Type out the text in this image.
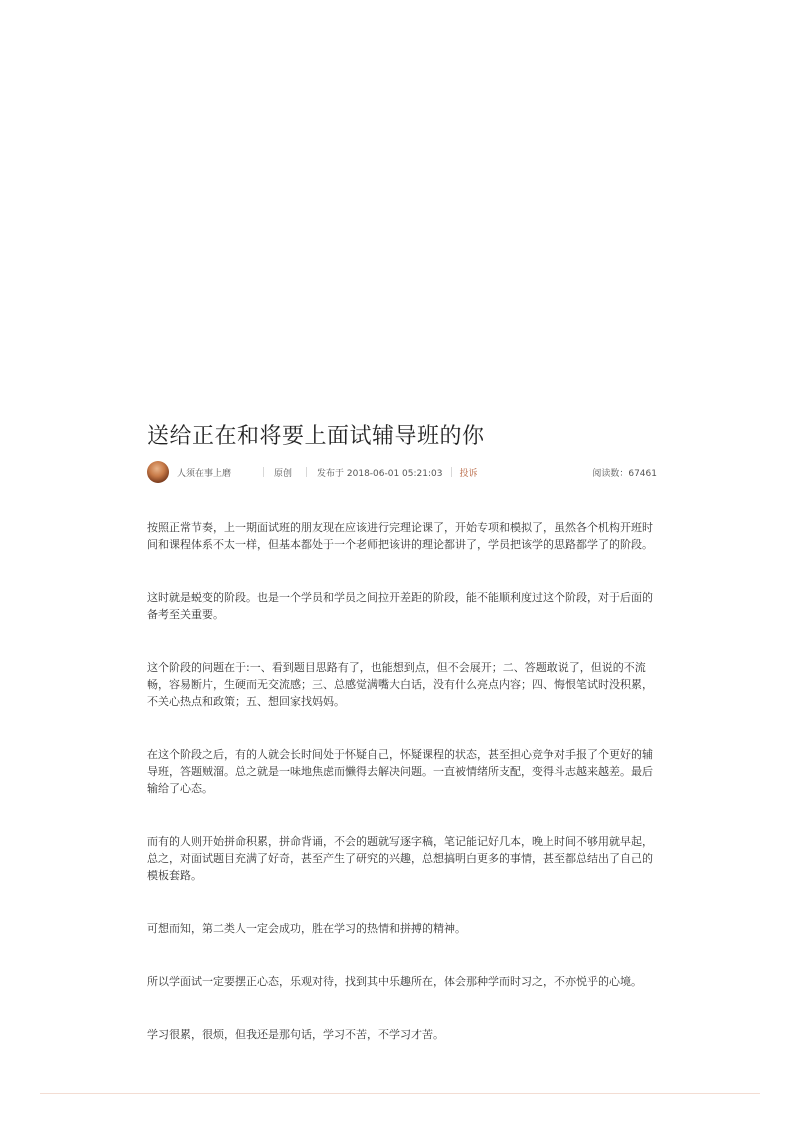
送给正在和将要上面试辅导班的你
人须在事上磨	原创	发布于 2018-06-01 05:21:03 投诉	阅读数：67461

按照正常节奏，上一期面试班的朋友现在应该进行完理论课了，开始专项和模拟了，虽然各个机构开班时间和课程体系不太一样，但基本都处于一个老师把该讲的理论都讲了，学员把该学的思路都学了的阶段。

这时就是蜕变的阶段。也是一个学员和学员之间拉开差距的阶段，能不能顺利度过这个阶段，对于后面的备考至关重要。

这个阶段的问题在于:一、看到题目思路有了，也能想到点，但不会展开；二、答题敢说了，但说的不流畅，容易断片，生硬而无交流感；三、总感觉满嘴大白话，没有什么亮点内容；四、悔恨笔试时没积累，不关心热点和政策；五、想回家找妈妈。

在这个阶段之后，有的人就会长时间处于怀疑自己，怀疑课程的状态，甚至担心竞争对手报了个更好的辅导班，答题贼溜。总之就是一味地焦虑而懒得去解决问题。一直被情绪所支配，变得斗志越来越差。最后输给了心态。

而有的人则开始拼命积累，拼命背诵，不会的题就写逐字稿，笔记能记好几本，晚上时间不够用就早起，总之，对面试题目充满了好奇，甚至产生了研究的兴趣，总想搞明白更多的事情，甚至都总结出了自己的模板套路。

可想而知，第二类人一定会成功，胜在学习的热情和拼搏的精神。

所以学面试一定要摆正心态，乐观对待，找到其中乐趣所在，体会那种学而时习之，不亦悦乎的心境。

学习很累，很烦，但我还是那句话，学习不苦，不学习才苦。
